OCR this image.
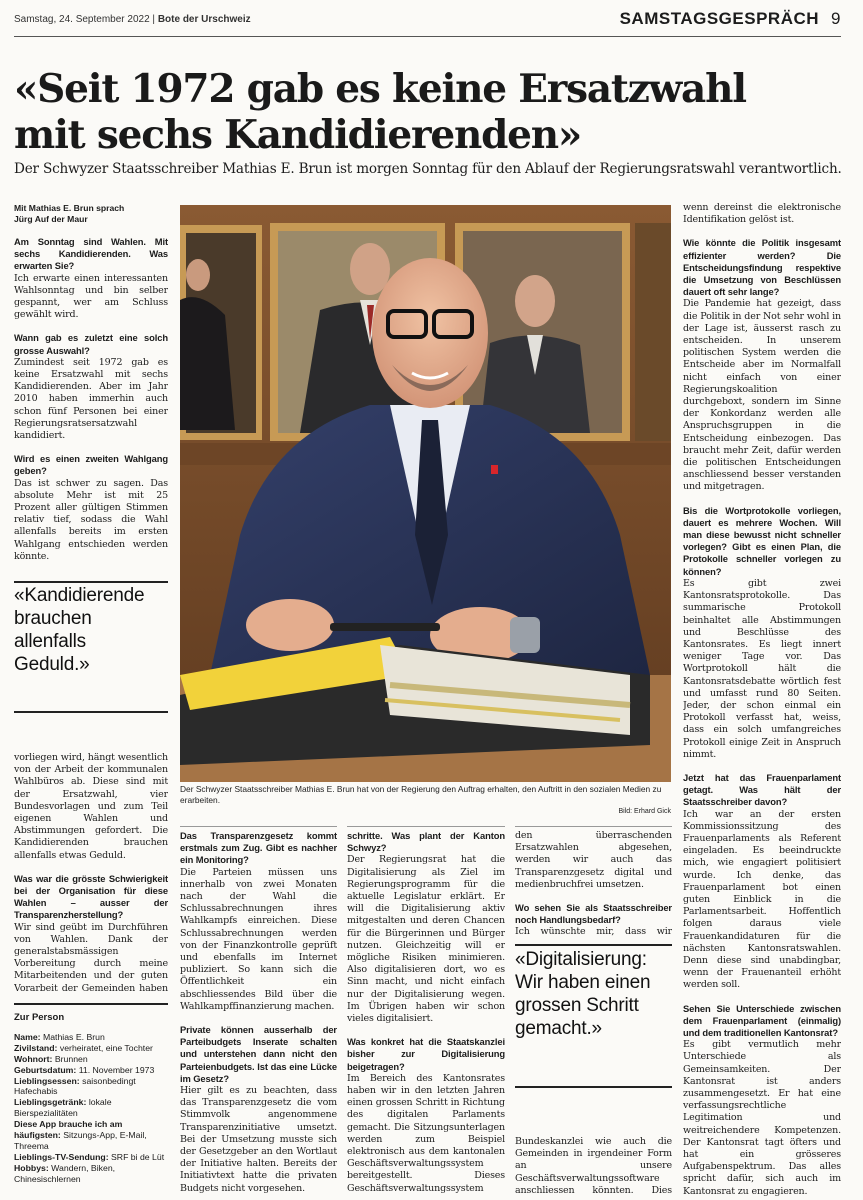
Samstag, 24. September 2022 | Bote der Urschweiz	SAMSTAGSGESPRÄCH 9
«Seit 1972 gab es keine Ersatzwahl
mit sechs Kandidierenden»

Der Schwyzer Staatsschreiber Mathias E. Brun ist morgen Sonntag für den Ablauf der Regierungsratswahl verantwortlich.

Mit Mathias E. Brun sprach
Jürg Auf der Maur

Am Sonntag sind Wahlen. Mit sechs Kandidierenden. Was erwarten Sie?
Ich erwarte einen interessanten Wahlsonntag und bin selber gespannt, wer am Schluss gewählt wird.

Wann gab es zuletzt eine solch grosse Auswahl?
Zumindest seit 1972 gab es keine Ersatzwahl mit sechs Kandidierenden. Aber im Jahr 2010 haben immerhin auch schon fünf Personen bei einer Regierungsratsersatzwahl kandidiert.

Wird es einen zweiten Wahlgang geben?
Das ist schwer zu sagen. Das absolute Mehr ist mit 25 Prozent aller gültigen Stimmen relativ tief, sodass die Wahl allenfalls bereits im ersten Wahlgang entschieden werden könnte.

«Kandidierende
brauchen
allenfalls
Geduld.»

vorliegen wird, hängt wesentlich von der Arbeit der kommunalen Wahlbüros ab. Diese sind mit der Ersatzwahl, vier Bundesvorlagen und zum Teil eigenen Wahlen und Abstimmungen gefordert. Die Kandidierenden brauchen allenfalls etwas Geduld.

Was war die grösste Schwierigkeit bei der Organisation für diese Wahlen – ausser der Transparenzherstellung?
Wir sind geübt im Durchführen von Wahlen. Dank der generalstabsmässigen Vorbereitung durch meine Mitarbeitenden und der guten Vorarbeit der Gemeinden haben

Zur Person
Name: Mathias E. Brun
Zivilstand: verheiratet, eine Tochter
Wohnort: Brunnen
Geburtsdatum: 11. November 1973
Lieblingsessen: saisonbedingt Hafechabis
Lieblingsgetränk: lokale Bierspezialitäten
Diese App brauche ich am häufigsten: Sitzungs-App, E-Mail, Threema
Lieblings-TV-Sendung: SRF bi de Lüt
Hobbys: Wandern, Biken, Chinesischlernen
Der Schwyzer Staatsschreiber Mathias E. Brun hat von der Regierung den Auftrag erhalten, den Auftritt in den sozialen Medien zu erarbeiten.
Bild: Erhard Gick

Das Transparenzgesetz kommt erstmals zum Zug. Gibt es nachher ein Monitoring?
Die Parteien müssen uns innerhalb von zwei Monaten nach der Wahl die Schlussabrechnungen ihres Wahlkampfs einreichen. Diese Schlussabrechnungen werden von der Finanzkontrolle geprüft und ebenfalls im Internet publiziert. So kann sich die Öffentlichkeit ein abschliessendes Bild über die Wahlkampffinanzierung machen.

Private können ausserhalb der Parteibudgets Inserate schalten und unterstehen dann nicht den Parteienbudgets. Ist das eine Lücke im Gesetz?
Hier gilt es zu beachten, dass das Transparenzgesetz die vom Stimmvolk angenommene Transparenzinitiative umsetzt. Bei der Umsetzung musste sich der Gesetzgeber an den Wortlaut der Initiative halten. Bereits der Initiativtext hatte die privaten Budgets nicht vorgesehen.

schritte. Was plant der Kanton Schwyz?
Der Regierungsrat hat die Digitalisierung als Ziel im Regierungsprogramm für die aktuelle Legislatur erklärt. Er will die Digitalisierung aktiv mitgestalten und deren Chancen für die Bürgerinnen und Bürger nutzen. Gleichzeitig will er mögliche Risiken minimieren. Also digitalisieren dort, wo es Sinn macht, und nicht einfach nur der Digitalisierung wegen. Im Übrigen haben wir schon vieles digitalisiert.

Was konkret hat die Staatskanzlei bisher zur Digitalisierung beigetragen?
Im Bereich des Kantonsrates haben wir in den letzten Jahren einen grossen Schritt in Richtung des digitalen Parlaments gemacht. Die Sitzungsunterlagen werden zum Beispiel elektronisch aus dem kantonalen Geschäftsverwaltungssystem bereitgestellt. Dieses Geschäftsverwaltungssystem

den überraschenden Ersatzwahlen abgesehen, werden wir auch das Transparenzgesetz digital und medienbruchfrei umsetzen.

Wo sehen Sie als Staatsschreiber noch Handlungsbedarf?
Ich wünschte mir, dass wir

«Digitalisierung:
Wir haben einen
grossen Schritt
gemacht.»

Bundeskanzlei wie auch die Gemeinden in irgendeiner Form an unsere Geschäftsverwaltungssoftware anschliessen könnten. Dies

wenn dereinst die elektronische Identifikation gelöst ist.

Wie könnte die Politik insgesamt effizienter werden? Die Entscheidungsfindung respektive die Umsetzung von Beschlüssen dauert oft sehr lange?
Die Pandemie hat gezeigt, dass die Politik in der Not sehr wohl in der Lage ist, äusserst rasch zu entscheiden. In unserem politischen System werden die Entscheide aber im Normalfall nicht einfach von einer Regierungskoalition durchgeboxt, sondern im Sinne der Konkordanz werden alle Anspruchsgruppen in die Entscheidung einbezogen. Das braucht mehr Zeit, dafür werden die politischen Entscheidungen anschliessend besser verstanden und mitgetragen.

Bis die Wortprotokolle vorliegen, dauert es mehrere Wochen. Will man diese bewusst nicht schneller vorlegen? Gibt es einen Plan, die Protokolle schneller vorlegen zu können?
Es gibt zwei Kantonsratsprotokolle. Das summarische Protokoll beinhaltet alle Abstimmungen und Beschlüsse des Kantonsrates. Es liegt innert weniger Tage vor. Das Wortprotokoll hält die Kantonsratsdebatte wörtlich fest und umfasst rund 80 Seiten. Jeder, der schon einmal ein Protokoll verfasst hat, weiss, dass ein solch umfangreiches Protokoll einige Zeit in Anspruch nimmt.

Jetzt hat das Frauenparlament getagt. Was hält der Staatsschreiber davon?
Ich war an der ersten Kommissionssitzung des Frauenparlaments als Referent eingeladen. Es beeindruckte mich, wie engagiert politisiert wurde. Ich denke, das Frauenparlament bot einen guten Einblick in die Parlamentsarbeit. Hoffentlich folgen daraus viele Frauenkandidaturen für die nächsten Kantonsratswahlen. Denn diese sind unabdingbar, wenn der Frauenanteil erhöht werden soll.

Sehen Sie Unterschiede zwischen dem Frauenparlament (einmalig) und dem traditionellen Kantonsrat?
Es gibt vermutlich mehr Unterschiede als Gemeinsamkeiten. Der Kantonsrat ist anders zusammengesetzt. Er hat eine verfassungsrechtliche Legitimation und weitreichendere Kompetenzen. Der Kantonsrat tagt öfters und hat ein grösseres Aufgabenspektrum. Das alles spricht dafür, sich auch im Kantonsrat zu engagieren.
